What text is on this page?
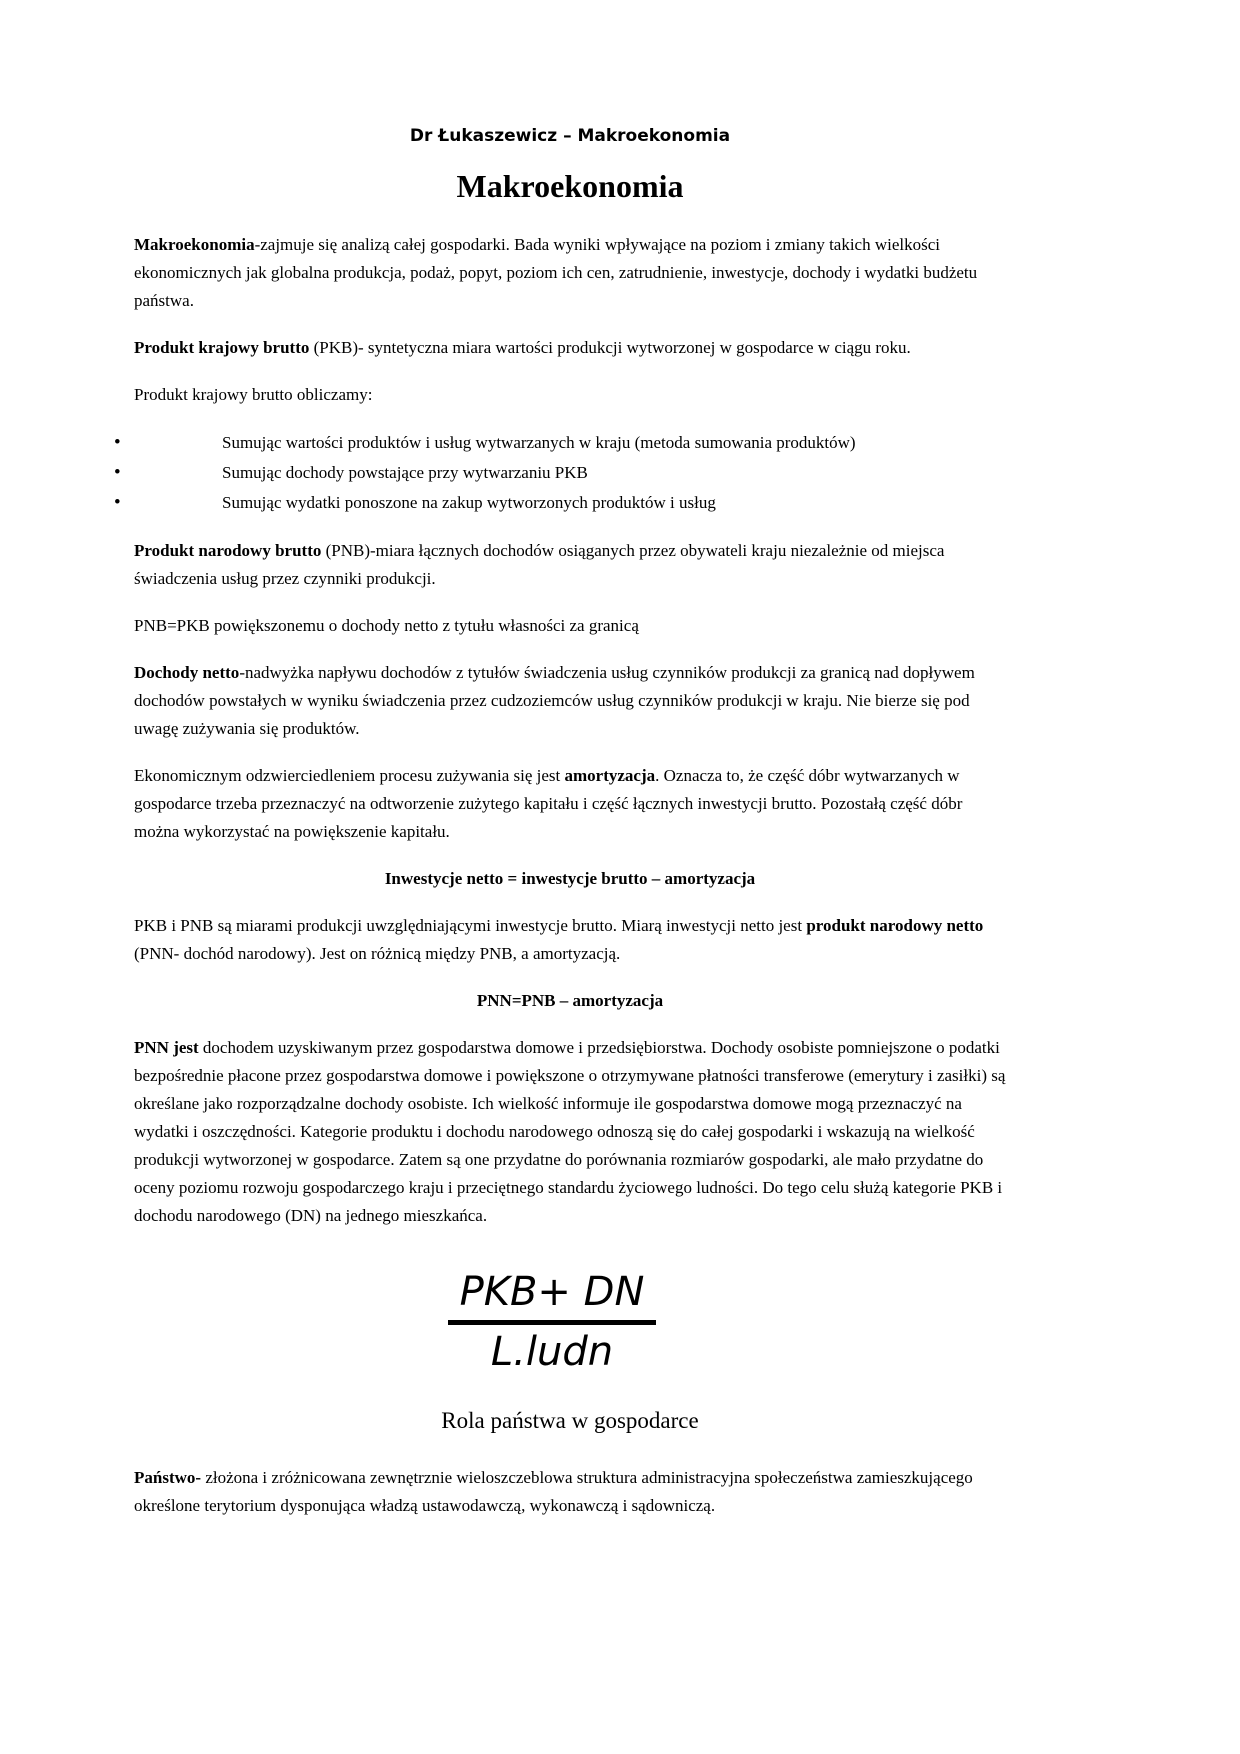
Dr Łukaszewicz – Makroekonomia
Makroekonomia

Makroekonomia-zajmuje się analizą całej gospodarki. Bada wyniki wpływające na poziom i zmiany takich wielkości ekonomicznych jak globalna produkcja, podaż, popyt, poziom ich cen, zatrudnienie, inwestycje, dochody i wydatki budżetu państwa.

Produkt krajowy brutto (PKB)- syntetyczna miara wartości produkcji wytworzonej w gospodarce w ciągu roku.

Produkt krajowy brutto obliczamy:

•	Sumując wartości produktów i usług wytwarzanych w kraju (metoda sumowania produktów)
•	Sumując dochody powstające przy wytwarzaniu PKB
•	Sumując wydatki ponoszone na zakup wytworzonych produktów i usług

Produkt narodowy brutto (PNB)-miara łącznych dochodów osiąganych przez obywateli kraju niezależnie od miejsca świadczenia usług przez czynniki produkcji.

PNB=PKB powiększonemu o dochody netto z tytułu własności za granicą

Dochody netto-nadwyżka napływu dochodów z tytułów świadczenia usług czynników produkcji za granicą nad dopływem dochodów powstałych w wyniku świadczenia przez cudzoziemców usług czynników produkcji w kraju. Nie bierze się pod uwagę zużywania się produktów.

Ekonomicznym odzwierciedleniem procesu zużywania się jest amortyzacja. Oznacza to, że część dóbr wytwarzanych w gospodarce trzeba przeznaczyć na odtworzenie zużytego kapitału i część łącznych inwestycji brutto. Pozostałą część dóbr można wykorzystać na powiększenie kapitału.

Inwestycje netto = inwestycje brutto – amortyzacja

PKB i PNB są miarami produkcji uwzględniającymi inwestycje brutto. Miarą inwestycji netto jest produkt narodowy netto (PNN- dochód narodowy). Jest on różnicą między PNB, a amortyzacją.

PNN=PNB – amortyzacja

PNN jest dochodem uzyskiwanym przez gospodarstwa domowe i przedsiębiorstwa. Dochody osobiste pomniejszone o podatki bezpośrednie płacone przez gospodarstwa domowe i powiększone o otrzymywane płatności transferowe (emerytury i zasiłki) są określane jako rozporządzalne dochody osobiste. Ich wielkość informuje ile gospodarstwa domowe mogą przeznaczyć na wydatki i oszczędności. Kategorie produktu i dochodu narodowego odnoszą się do całej gospodarki i wskazują na wielkość produkcji wytworzonej w gospodarce. Zatem są one przydatne do porównania rozmiarów gospodarki, ale mało przydatne do oceny poziomu rozwoju gospodarczego kraju i przeciętnego standardu życiowego ludności. Do tego celu służą kategorie PKB i dochodu narodowego (DN) na jednego mieszkańca.

PKB+ DN
L.ludn
Rola państwa w gospodarce

Państwo- złożona i zróżnicowana zewnętrznie wieloszczeblowa struktura administracyjna społeczeństwa zamieszkującego określone terytorium dysponująca władzą ustawodawczą, wykonawczą i sądowniczą.
